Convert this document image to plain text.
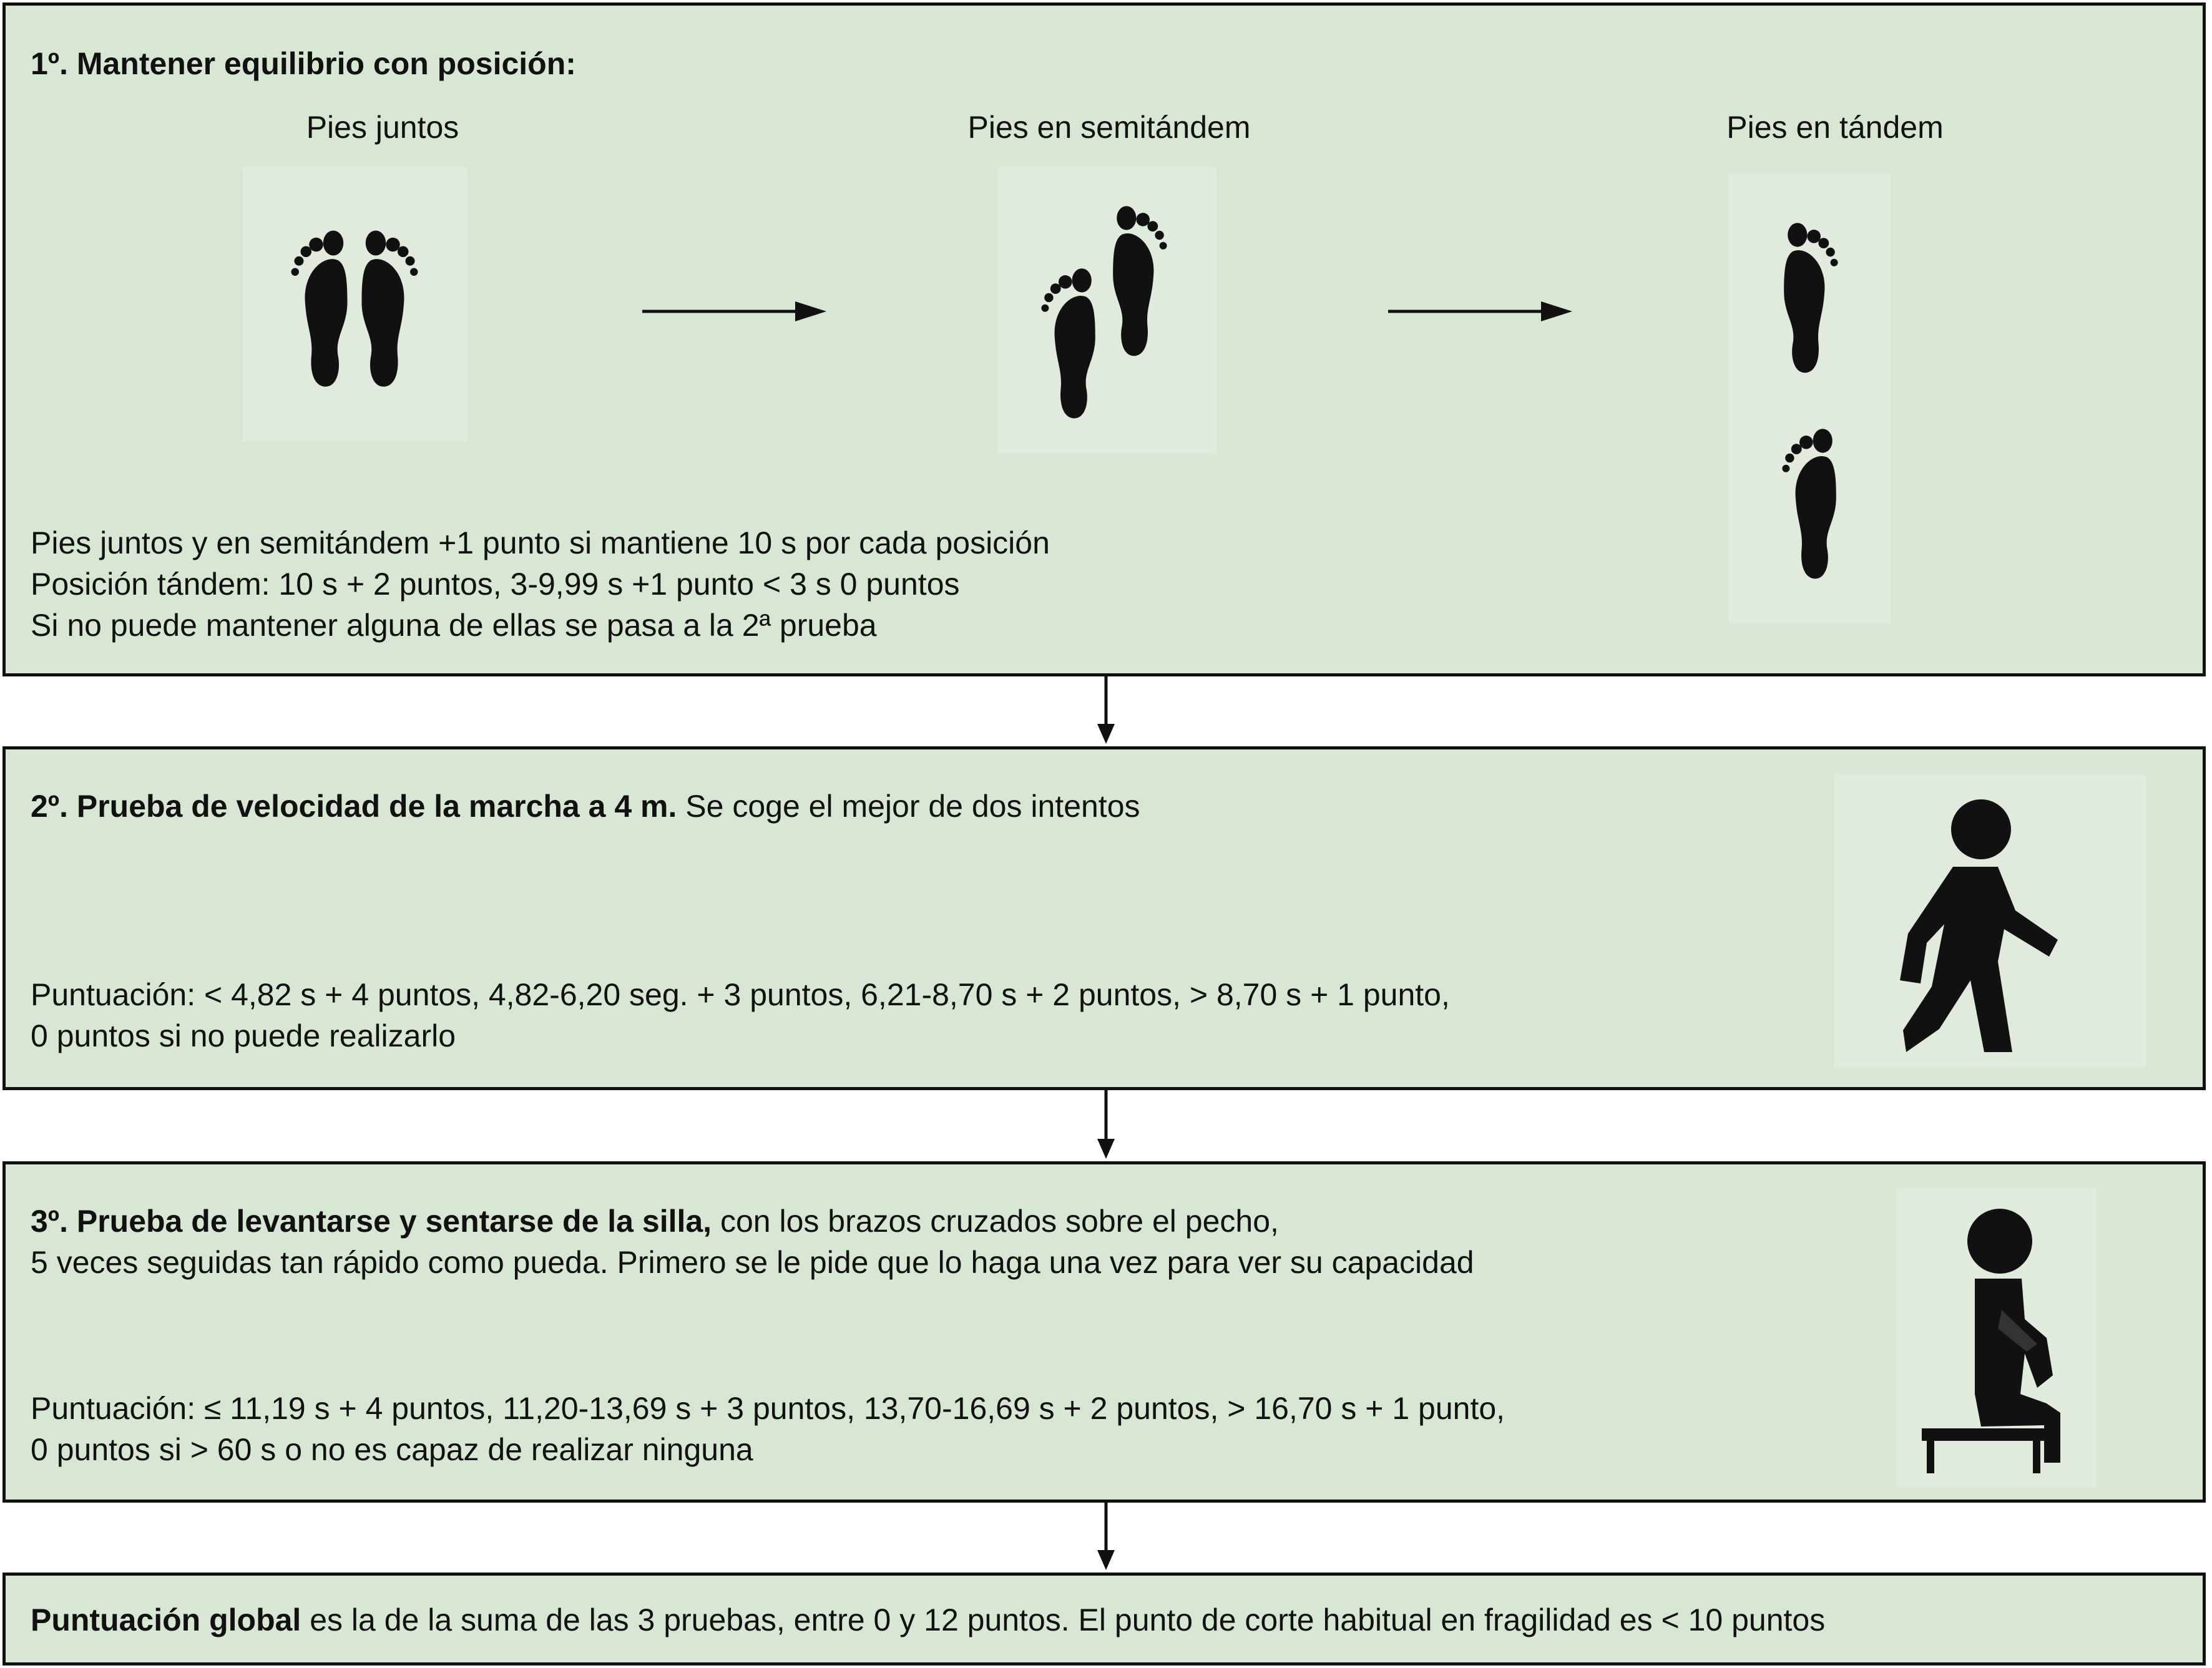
1º. Mantener equilibrio con posición:
Pies juntos	Pies en semitándem	Pies en tándem
Pies juntos y en semitándem +1 punto si mantiene 10 s por cada posición
Posición tándem: 10 s + 2 puntos, 3-9,99 s +1 punto < 3 s 0 puntos
Si no puede mantener alguna de ellas se pasa a la 2ª prueba
2º. Prueba de velocidad de la marcha a 4 m. Se coge el mejor de dos intentos
Puntuación: < 4,82 s + 4 puntos, 4,82-6,20 seg. + 3 puntos, 6,21-8,70 s + 2 puntos, > 8,70 s + 1 punto,
0 puntos si no puede realizarlo
3º. Prueba de levantarse y sentarse de la silla, con los brazos cruzados sobre el pecho,
5 veces seguidas tan rápido como pueda. Primero se le pide que lo haga una vez para ver su capacidad
Puntuación: ≤ 11,19 s + 4 puntos, 11,20-13,69 s + 3 puntos, 13,70-16,69 s + 2 puntos, > 16,70 s + 1 punto,
0 puntos si > 60 s o no es capaz de realizar ninguna
Puntuación global es la de la suma de las 3 pruebas, entre 0 y 12 puntos. El punto de corte habitual en fragilidad es < 10 puntos
